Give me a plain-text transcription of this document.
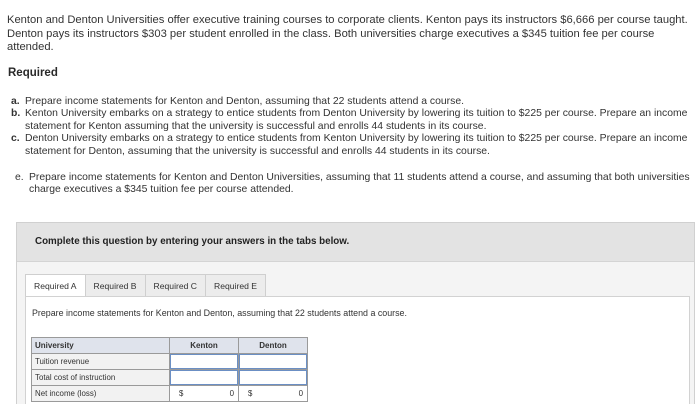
Kenton and Denton Universities offer executive training courses to corporate clients. Kenton pays its instructors $6,666 per course taught. Denton pays its instructors $303 per student enrolled in the class. Both universities charge executives a $345 tuition fee per course attended.
Required
a. Prepare income statements for Kenton and Denton, assuming that 22 students attend a course.
b. Kenton University embarks on a strategy to entice students from Denton University by lowering its tuition to $225 per course. Prepare an income statement for Kenton assuming that the university is successful and enrolls 44 students in its course.
c. Denton University embarks on a strategy to entice students from Kenton University by lowering its tuition to $225 per course. Prepare an income statement for Denton, assuming that the university is successful and enrolls 44 students in its course.
e. Prepare income statements for Kenton and Denton Universities, assuming that 11 students attend a course, and assuming that both universities charge executives a $345 tuition fee per course attended.
Complete this question by entering your answers in the tabs below.
Required A	Required B	Required C	Required E
Prepare income statements for Kenton and Denton, assuming that 22 students attend a course.
University	Kenton	Denton
Tuition revenue		
Total cost of instruction		
Net income (loss)	$ 0	$ 0
